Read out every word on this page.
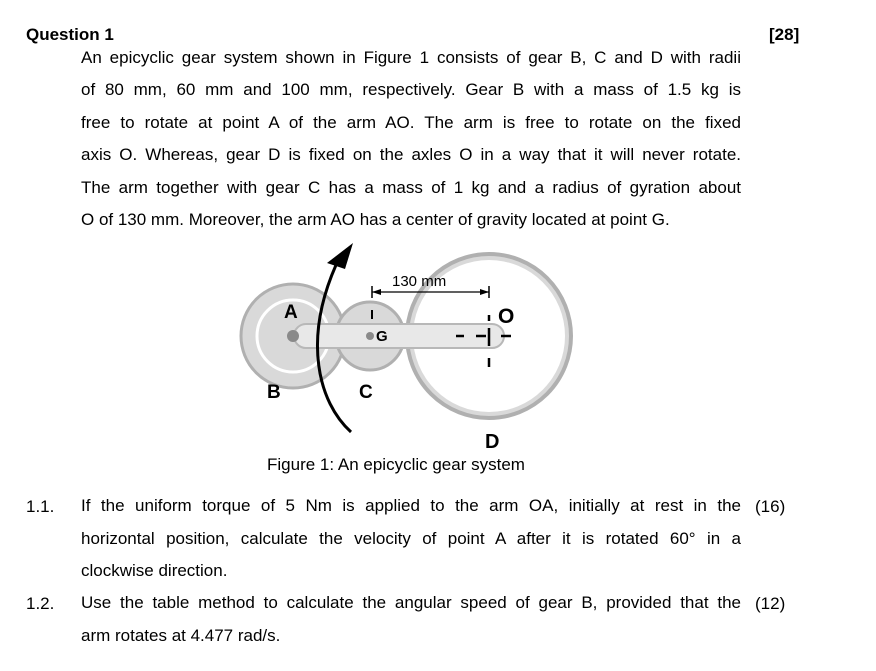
Question 1	[28]
An epicyclic gear system shown in Figure 1 consists of gear B, C and D with radii
of 80 mm, 60 mm and 100 mm, respectively. Gear B with a mass of 1.5 kg is
free to rotate at point A of the arm AO. The arm is free to rotate on the fixed
axis O. Whereas, gear D is fixed on the axles O in a way that it will never rotate.
The arm together with gear C has a mass of 1 kg and a radius of gyration about
O of 130 mm. Moreover, the arm AO has a center of gravity located at point G.
130 mm
A
B	C
D
G
O
Figure 1: An epicyclic gear system
1.1. If the uniform torque of 5 Nm is applied to the arm OA, initially at rest in the
horizontal position, calculate the velocity of point A after it is rotated 60° in a
clockwise direction.
(16)
1.2. Use the table method to calculate the angular speed of gear B, provided that the
arm rotates at 4.477 rad/s.
(12)
